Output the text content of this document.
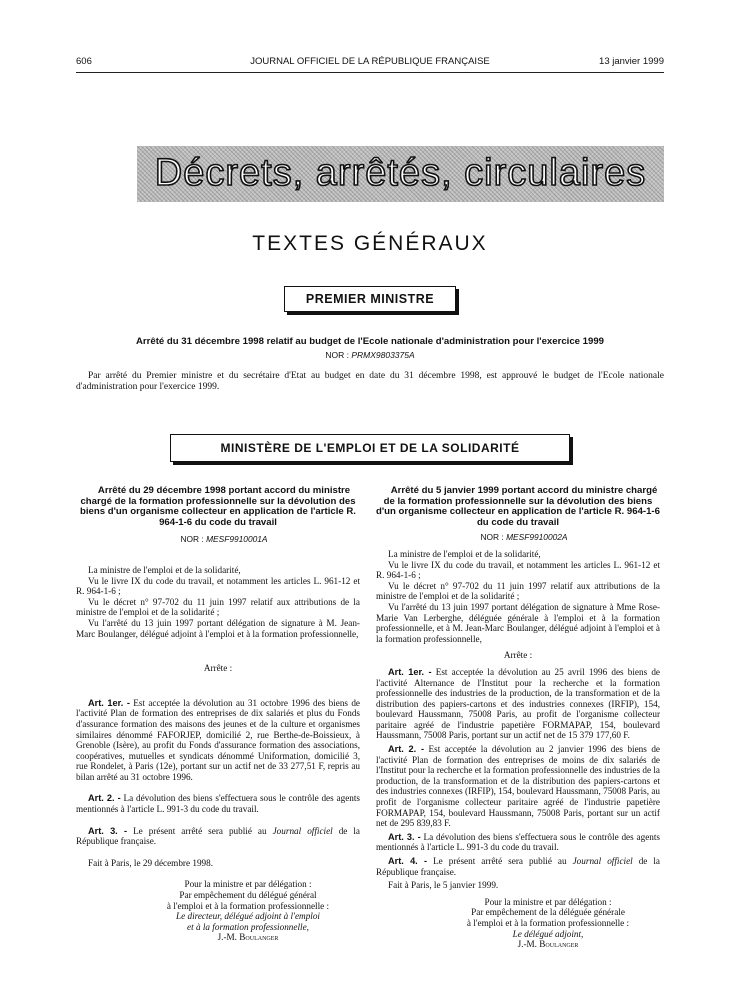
606	JOURNAL OFFICIEL DE LA RÉPUBLIQUE FRANÇAISE	13 janvier 1999
Décrets, arrêtés, circulaires
TEXTES GÉNÉRAUX
PREMIER MINISTRE
Arrêté du 31 décembre 1998 relatif au budget de l'Ecole nationale d'administration pour l'exercice 1999
NOR : PRMX9803375A

Par arrêté du Premier ministre et du secrétaire d'Etat au budget en date du 31 décembre 1998, est approuvé le budget de l'Ecole nationale d'administration pour l'exercice 1999.

MINISTÈRE DE L'EMPLOI ET DE LA SOLIDARITÉ

Arrêté du 29 décembre 1998 portant accord du ministre chargé de la formation professionnelle sur la dévolution des biens d'un organisme collecteur en application de l'article R. 964-1-6 du code du travail

NOR : MESF9910001A

La ministre de l'emploi et de la solidarité,

Vu le livre IX du code du travail, et notamment les articles L. 961-12 et R. 964-1-6 ;

Vu le décret n° 97-702 du 11 juin 1997 relatif aux attributions de la ministre de l'emploi et de la solidarité ;

Vu l'arrêté du 13 juin 1997 portant délégation de signature à M. Jean-Marc Boulanger, délégué adjoint à l'emploi et à la formation professionnelle,

Arrête :

Art. 1er. - Est acceptée la dévolution au 31 octobre 1996 des biens de l'activité Plan de formation des entreprises de dix salariés et plus du Fonds d'assurance formation des maisons des jeunes et de la culture et organismes similaires dénommé FAFORJEP, domicilié 2, rue Berthe-de-Boissieux, à Grenoble (Isère), au profit du Fonds d'assurance formation des associations, coopératives, mutuelles et syndicats dénommé Uniformation, domicilié 3, rue Rondelet, à Paris (12e), portant sur un actif net de 33 277,51 F, repris au bilan arrêté au 31 octobre 1996.

Art. 2. - La dévolution des biens s'effectuera sous le contrôle des agents mentionnés à l'article L. 991-3 du code du travail.

Art. 3. - Le présent arrêté sera publié au Journal officiel de la République française.

Fait à Paris, le 29 décembre 1998.

Pour la ministre et par délégation :

Par empêchement du délégué général

à l'emploi et à la formation professionnelle :

Le directeur, délégué adjoint à l'emploi

et à la formation professionnelle,

J.-M. Boulanger

Arrêté du 5 janvier 1999 portant accord du ministre chargé de la formation professionnelle sur la dévolution des biens d'un organisme collecteur en application de l'article R. 964-1-6 du code du travail

NOR : MESF9910002A

La ministre de l'emploi et de la solidarité,

Vu le livre IX du code du travail, et notamment les articles L. 961-12 et R. 964-1-6 ;

Vu le décret n° 97-702 du 11 juin 1997 relatif aux attributions de la ministre de l'emploi et de la solidarité ;

Vu l'arrêté du 13 juin 1997 portant délégation de signature à Mme Rose-Marie Van Lerberghe, déléguée générale à l'emploi et à la formation professionnelle, et à M. Jean-Marc Boulanger, délégué adjoint à l'emploi et à la formation professionnelle,

Arrête :

Art. 1er. - Est acceptée la dévolution au 25 avril 1996 des biens de l'activité Alternance de l'Institut pour la recherche et la formation professionnelle des industries de la production, de la transformation et de la distribution des papiers-cartons et des industries connexes (IRFIP), 154, boulevard Haussmann, 75008 Paris, au profit de l'organisme collecteur paritaire agréé de l'industrie papetière FORMAPAP, 154, boulevard Haussmann, 75008 Paris, portant sur un actif net de 15 379 177,60 F.

Art. 2. - Est acceptée la dévolution au 2 janvier 1996 des biens de l'activité Plan de formation des entreprises de moins de dix salariés de l'Institut pour la recherche et la formation professionnelle des industries de la production, de la transformation et de la distribution des papiers-cartons et des industries connexes (IRFIP), 154, boulevard Haussmann, 75008 Paris, au profit de l'organisme collecteur paritaire agréé de l'industrie papetière FORMAPAP, 154, boulevard Haussmann, 75008 Paris, portant sur un actif net de 295 839,83 F.

Art. 3. - La dévolution des biens s'effectuera sous le contrôle des agents mentionnés à l'article L. 991-3 du code du travail.

Art. 4. - Le présent arrêté sera publié au Journal officiel de la République française.

Fait à Paris, le 5 janvier 1999.

Pour la ministre et par délégation :

Par empêchement de la déléguée générale

à l'emploi et à la formation professionnelle :

Le délégué adjoint,

J.-M. Boulanger
